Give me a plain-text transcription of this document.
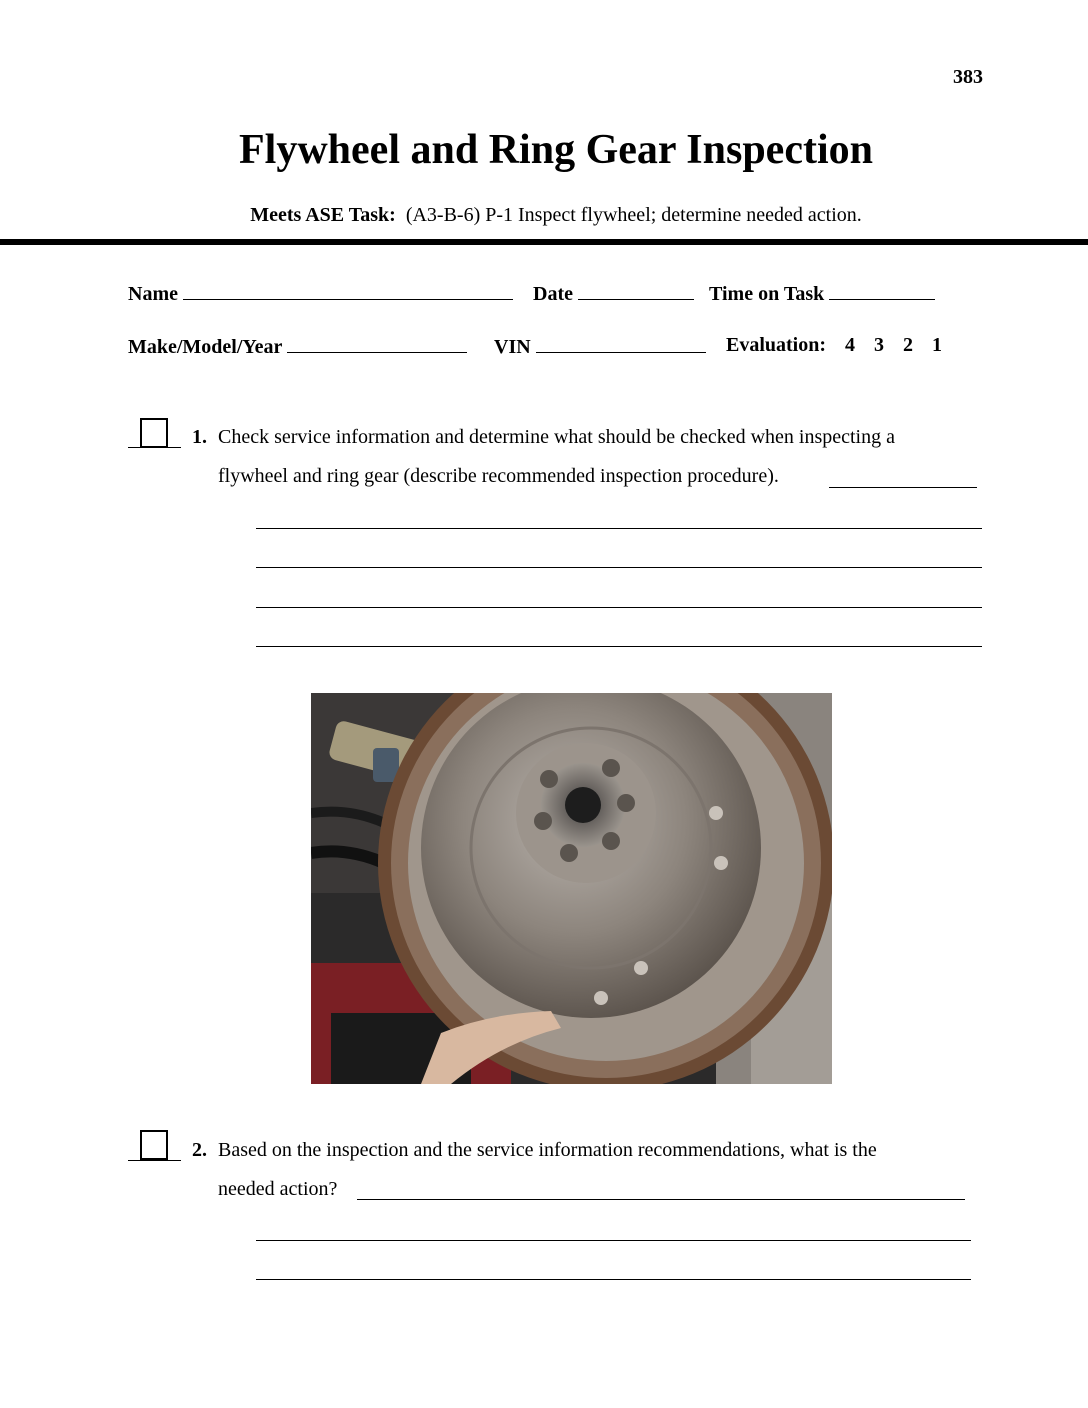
383
Flywheel and Ring Gear Inspection
Meets ASE Task: (A3-B-6) P-1 Inspect flywheel; determine needed action.
Name	Date	Time on Task
Make/Model/Year	VIN	Evaluation: 4 3 2 1
1. Check service information and determine what should be checked when inspecting a
flywheel and ring gear (describe recommended inspection procedure).
2. Based on the inspection and the service information recommendations, what is the
needed action?
